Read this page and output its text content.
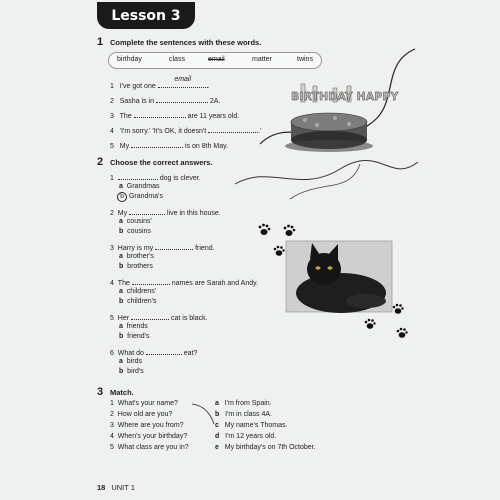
Lesson 3
1 Complete the sentences with these words.
birthday	class	email	matter	twins
1 I've got one
email
.
2 Sasha is in	2A.
3 The	are 11 years old.
4 'I'm sorry.' 'It's OK, it doesn't	.'
5 My	is on 8th May.
BIRTHDAY HAPPY
2 Choose the correct answers.
1	dog is clever.
a Grandmas
b Grandma's
2 My	live in this house.
a cousins'
b cousins
3 Harry is my	friend.
a brother's
b brothers
4 The	names are Sarah and Andy.
a childrens'
b children's
5 Her	cat is black.
a friends
b friend's
6 What do	eat?
a birds
b bird's
3 Match.
1 What's your name?
2 How old are you?
3 Where are you from?
4 When's your birthday?
5 What class are you in?
a I'm from Spain.
b I'm in class 4A.
c My name's Thomas.
d I'm 12 years old.
e My birthday's on 7th October.
18 UNIT 1
